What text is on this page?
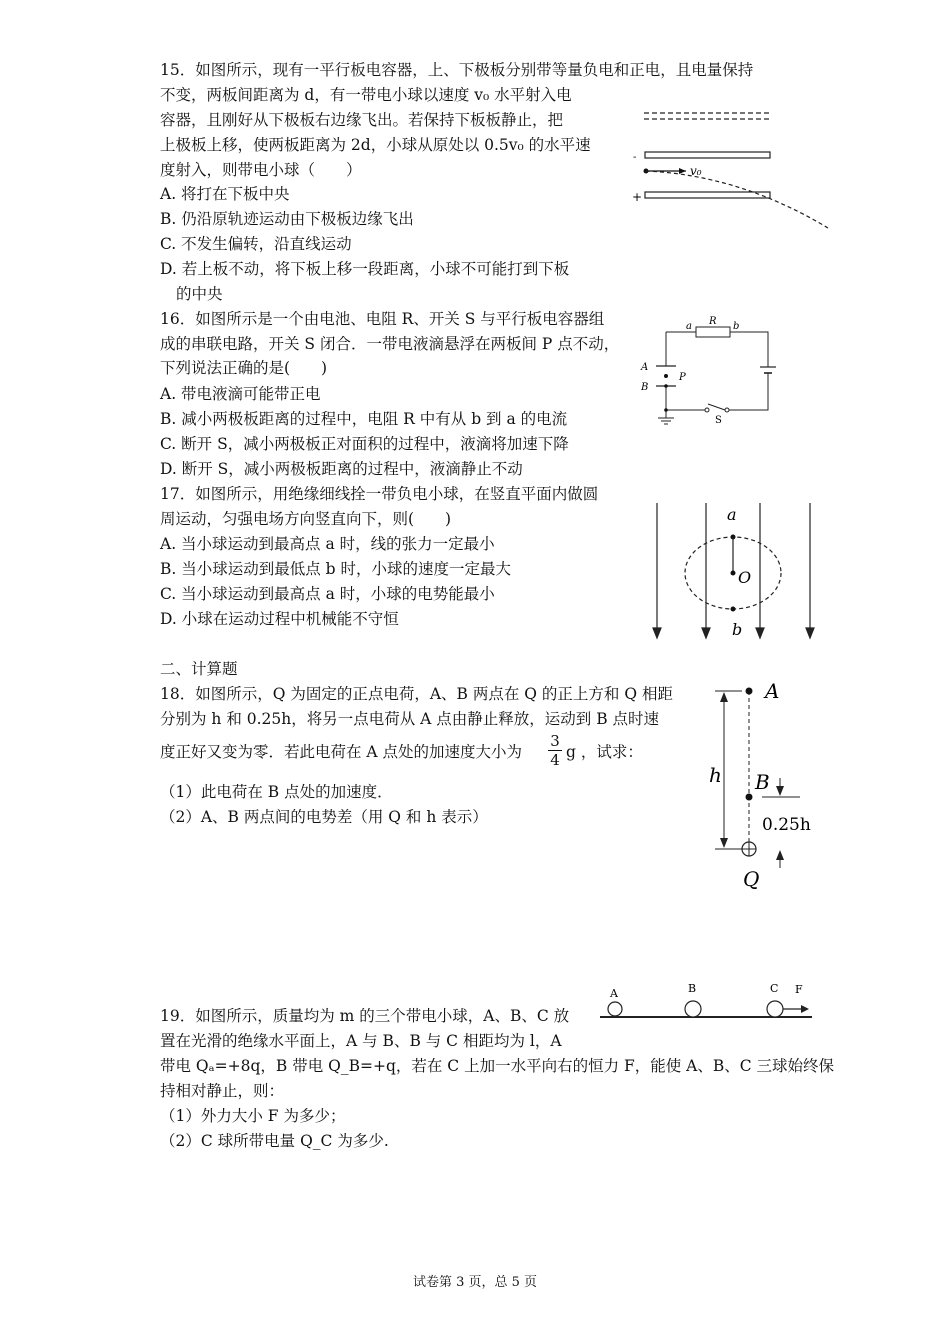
15．如图所示，现有一平行板电容器，上、下极板分别带等量负电和正电，且电量保持
不变，两板间距离为 d，有一带电小球以速度 v₀ 水平射入电
容器，且刚好从下极板右边缘飞出。若保持下板板静止，把
上极板上移，使两板距离为 2d，小球从原处以 0.5v₀ 的水平速
度射入，则带电小球（　　）
A. 将打在下板中央
B. 仍沿原轨迹运动由下极板边缘飞出
C. 不发生偏转，沿直线运动
D. 若上板不动，将下板上移一段距离，小球不可能打到下板
的中央
-
+
v₀
16．如图所示是一个由电池、电阻 R、开关 S 与平行板电容器组
成的串联电路，开关 S 闭合．一带电液滴悬浮在两板间 P 点不动，
下列说法正确的是(　　)
A. 带电液滴可能带正电
B. 减小两极板距离的过程中，电阻 R 中有从 b 到 a 的电流
C. 断开 S，减小两极板正对面积的过程中，液滴将加速下降
D. 断开 S，减小两极板距离的过程中，液滴静止不动
a R b
A
B
P
S
17．如图所示，用绝缘细线拴一带负电小球，在竖直平面内做圆
周运动，匀强电场方向竖直向下，则(　　)
A. 当小球运动到最高点 a 时，线的张力一定最小
B. 当小球运动到最低点 b 时，小球的速度一定最大
C. 当小球运动到最高点 a 时，小球的电势能最小
D. 小球在运动过程中机械能不守恒
a
O
b
二、计算题
18．如图所示，Q 为固定的正点电荷，A、B 两点在 Q 的正上方和 Q 相距
分别为 h 和 0.25h，将另一点电荷从 A 点由静止释放，运动到 B 点时速
度正好又变为零．若此电荷在 A 点处的加速度大小为
3
4 g ，试求：
（1）此电荷在 B 点处的加速度．
（2）A、B 两点间的电势差（用 Q 和 h 表示）
h
A
B
Q
0.25h
19．如图所示，质量均为 m 的三个带电小球，A、B、C 放
置在光滑的绝缘水平面上，A 与 B、B 与 C 相距均为 l，A
带电 Qₐ=+8q，B 带电 Q_B=+q，若在 C 上加一水平向右的恒力 F，能使 A、B、C 三球始终保
持相对静止，则：
（1）外力大小 F 为多少；
（2）C 球所带电量 Q_C 为多少.
A	B	C F
试卷第 3 页，总 5 页
